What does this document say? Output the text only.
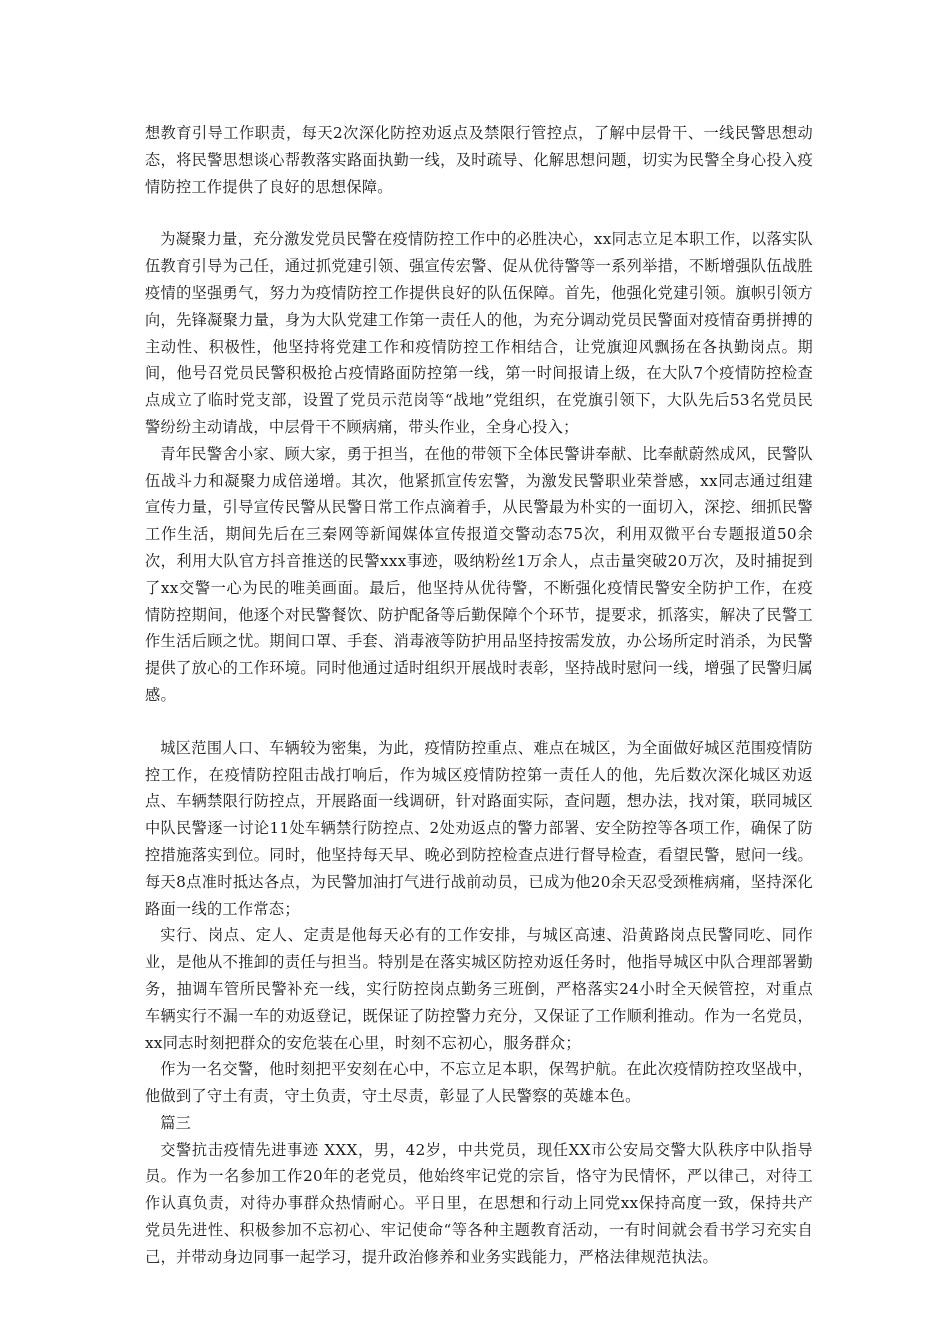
想教育引导工作职责，每天2次深化防控劝返点及禁限行管控点，了解中层骨干、一线民警思想动态，将民警思想谈心帮教落实路面执勤一线，及时疏导、化解思想问题，切实为民警全身心投入疫情防控工作提供了良好的思想保障。

为凝聚力量，充分激发党员民警在疫情防控工作中的必胜决心，xx同志立足本职工作，以落实队伍教育引导为己任，通过抓党建引领、强宣传宏警、促从优待警等一系列举措，不断增强队伍战胜疫情的坚强勇气，努力为疫情防控工作提供良好的队伍保障。首先，他强化党建引领。旗帜引领方向，先锋凝聚力量，身为大队党建工作第一责任人的他，为充分调动党员民警面对疫情奋勇拼搏的主动性、积极性，他坚持将党建工作和疫情防控工作相结合，让党旗迎风飘扬在各执勤岗点。期间，他号召党员民警积极抢占疫情路面防控第一线，第一时间报请上级，在大队7个疫情防控检查点成立了临时党支部，设置了党员示范岗等“战地”党组织，在党旗引领下，大队先后53名党员民警纷纷主动请战，中层骨干不顾病痛，带头作业，全身心投入；

青年民警舍小家、顾大家，勇于担当，在他的带领下全体民警讲奉献、比奉献蔚然成风，民警队伍战斗力和凝聚力成倍递增。其次，他紧抓宣传宏警，为激发民警职业荣誉感，xx同志通过组建宣传力量，引导宣传民警从民警日常工作点滴着手，从民警最为朴实的一面切入，深挖、细抓民警工作生活，期间先后在三秦网等新闻媒体宣传报道交警动态75次，利用双微平台专题报道50余次，利用大队官方抖音推送的民警xxx事迹，吸纳粉丝1万余人，点击量突破20万次，及时捕捉到了xx交警一心为民的唯美画面。最后，他坚持从优待警，不断强化疫情民警安全防护工作，在疫情防控期间，他逐个对民警餐饮、防护配备等后勤保障个个环节，提要求，抓落实，解决了民警工作生活后顾之忧。期间口罩、手套、消毒液等防护用品坚持按需发放，办公场所定时消杀，为民警提供了放心的工作环境。同时他通过适时组织开展战时表彰，坚持战时慰问一线，增强了民警归属感。

城区范围人口、车辆较为密集，为此，疫情防控重点、难点在城区，为全面做好城区范围疫情防控工作，在疫情防控阻击战打响后，作为城区疫情防控第一责任人的他，先后数次深化城区劝返点、车辆禁限行防控点，开展路面一线调研，针对路面实际，查问题，想办法，找对策，联同城区中队民警逐一讨论11处车辆禁行防控点、2处劝返点的警力部署、安全防控等各项工作，确保了防控措施落实到位。同时，他坚持每天早、晚必到防控检查点进行督导检查，看望民警，慰问一线。每天8点准时抵达各点，为民警加油打气进行战前动员，已成为他20余天忍受颈椎病痛，坚持深化路面一线的工作常态；

实行、岗点、定人、定责是他每天必有的工作安排，与城区高速、沿黄路岗点民警同吃、同作业，是他从不推卸的责任与担当。特别是在落实城区防控劝返任务时，他指导城区中队合理部署勤务，抽调车管所民警补充一线，实行防控岗点勤务三班倒，严格落实24小时全天候管控，对重点车辆实行不漏一车的劝返登记，既保证了防控警力充分，又保证了工作顺利推动。作为一名党员，xx同志时刻把群众的安危装在心里，时刻不忘初心，服务群众；

作为一名交警，他时刻把平安刻在心中，不忘立足本职，保驾护航。在此次疫情防控攻坚战中，他做到了守土有责，守土负责，守土尽责，彰显了人民警察的英雄本色。

篇三

交警抗击疫情先进事迹 XXX，男，42岁，中共党员，现任XX市公安局交警大队秩序中队指导员。作为一名参加工作20年的老党员，他始终牢记党的宗旨，恪守为民情怀，严以律己，对待工作认真负责，对待办事群众热情耐心。平日里，在思想和行动上同党xx保持高度一致，保持共产党员先进性、积极参加不忘初心、牢记使命“等各种主题教育活动，一有时间就会看书学习充实自己，并带动身边同事一起学习，提升政治修养和业务实践能力，严格法律规范执法。
